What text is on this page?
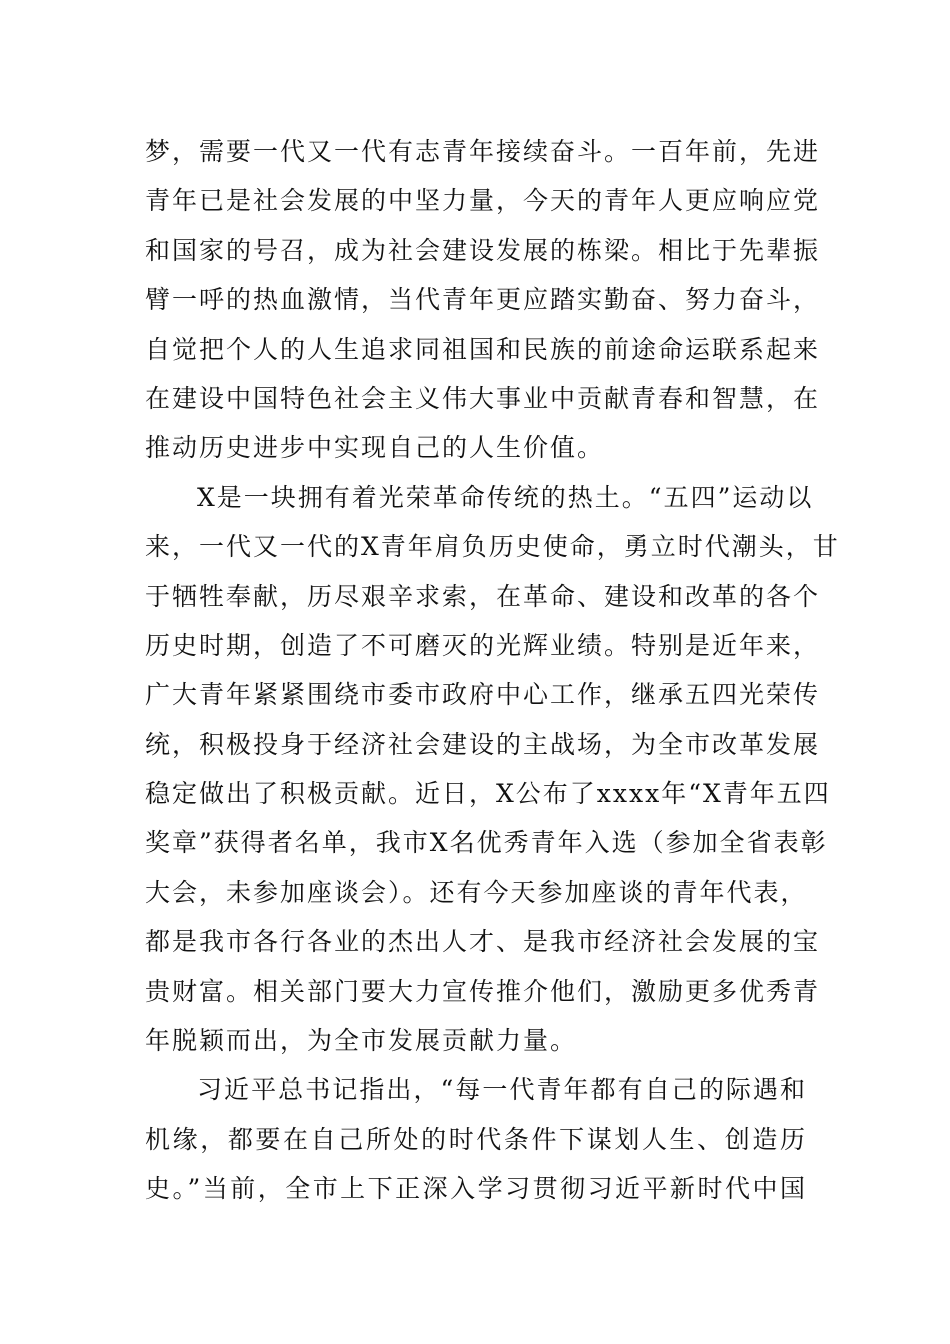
梦，需要一代又一代有志青年接续奋斗。一百年前，先进
青年已是社会发展的中坚力量，今天的青年人更应响应党
和国家的号召，成为社会建设发展的栋梁。相比于先辈振
臂一呼的热血激情，当代青年更应踏实勤奋、努力奋斗，
自觉把个人的人生追求同祖国和民族的前途命运联系起来
在建设中国特色社会主义伟大事业中贡献青春和智慧，在
推动历史进步中实现自己的人生价值。
X是一块拥有着光荣革命传统的热土。“五四”运动以
来，一代又一代的X青年肩负历史使命，勇立时代潮头，甘
于牺牲奉献，历尽艰辛求索，在革命、建设和改革的各个
历史时期，创造了不可磨灭的光辉业绩。特别是近年来，
广大青年紧紧围绕市委市政府中心工作，继承五四光荣传
统，积极投身于经济社会建设的主战场，为全市改革发展
稳定做出了积极贡献。近日，X公布了xxxx年“X青年五四
奖章”获得者名单，我市X名优秀青年入选（参加全省表彰
大会，未参加座谈会）。还有今天参加座谈的青年代表，
都是我市各行各业的杰出人才、是我市经济社会发展的宝
贵财富。相关部门要大力宣传推介他们，激励更多优秀青
年脱颖而出，为全市发展贡献力量。
习近平总书记指出，“每一代青年都有自己的际遇和
机缘，都要在自己所处的时代条件下谋划人生、创造历
史。”当前，全市上下正深入学习贯彻习近平新时代中国
